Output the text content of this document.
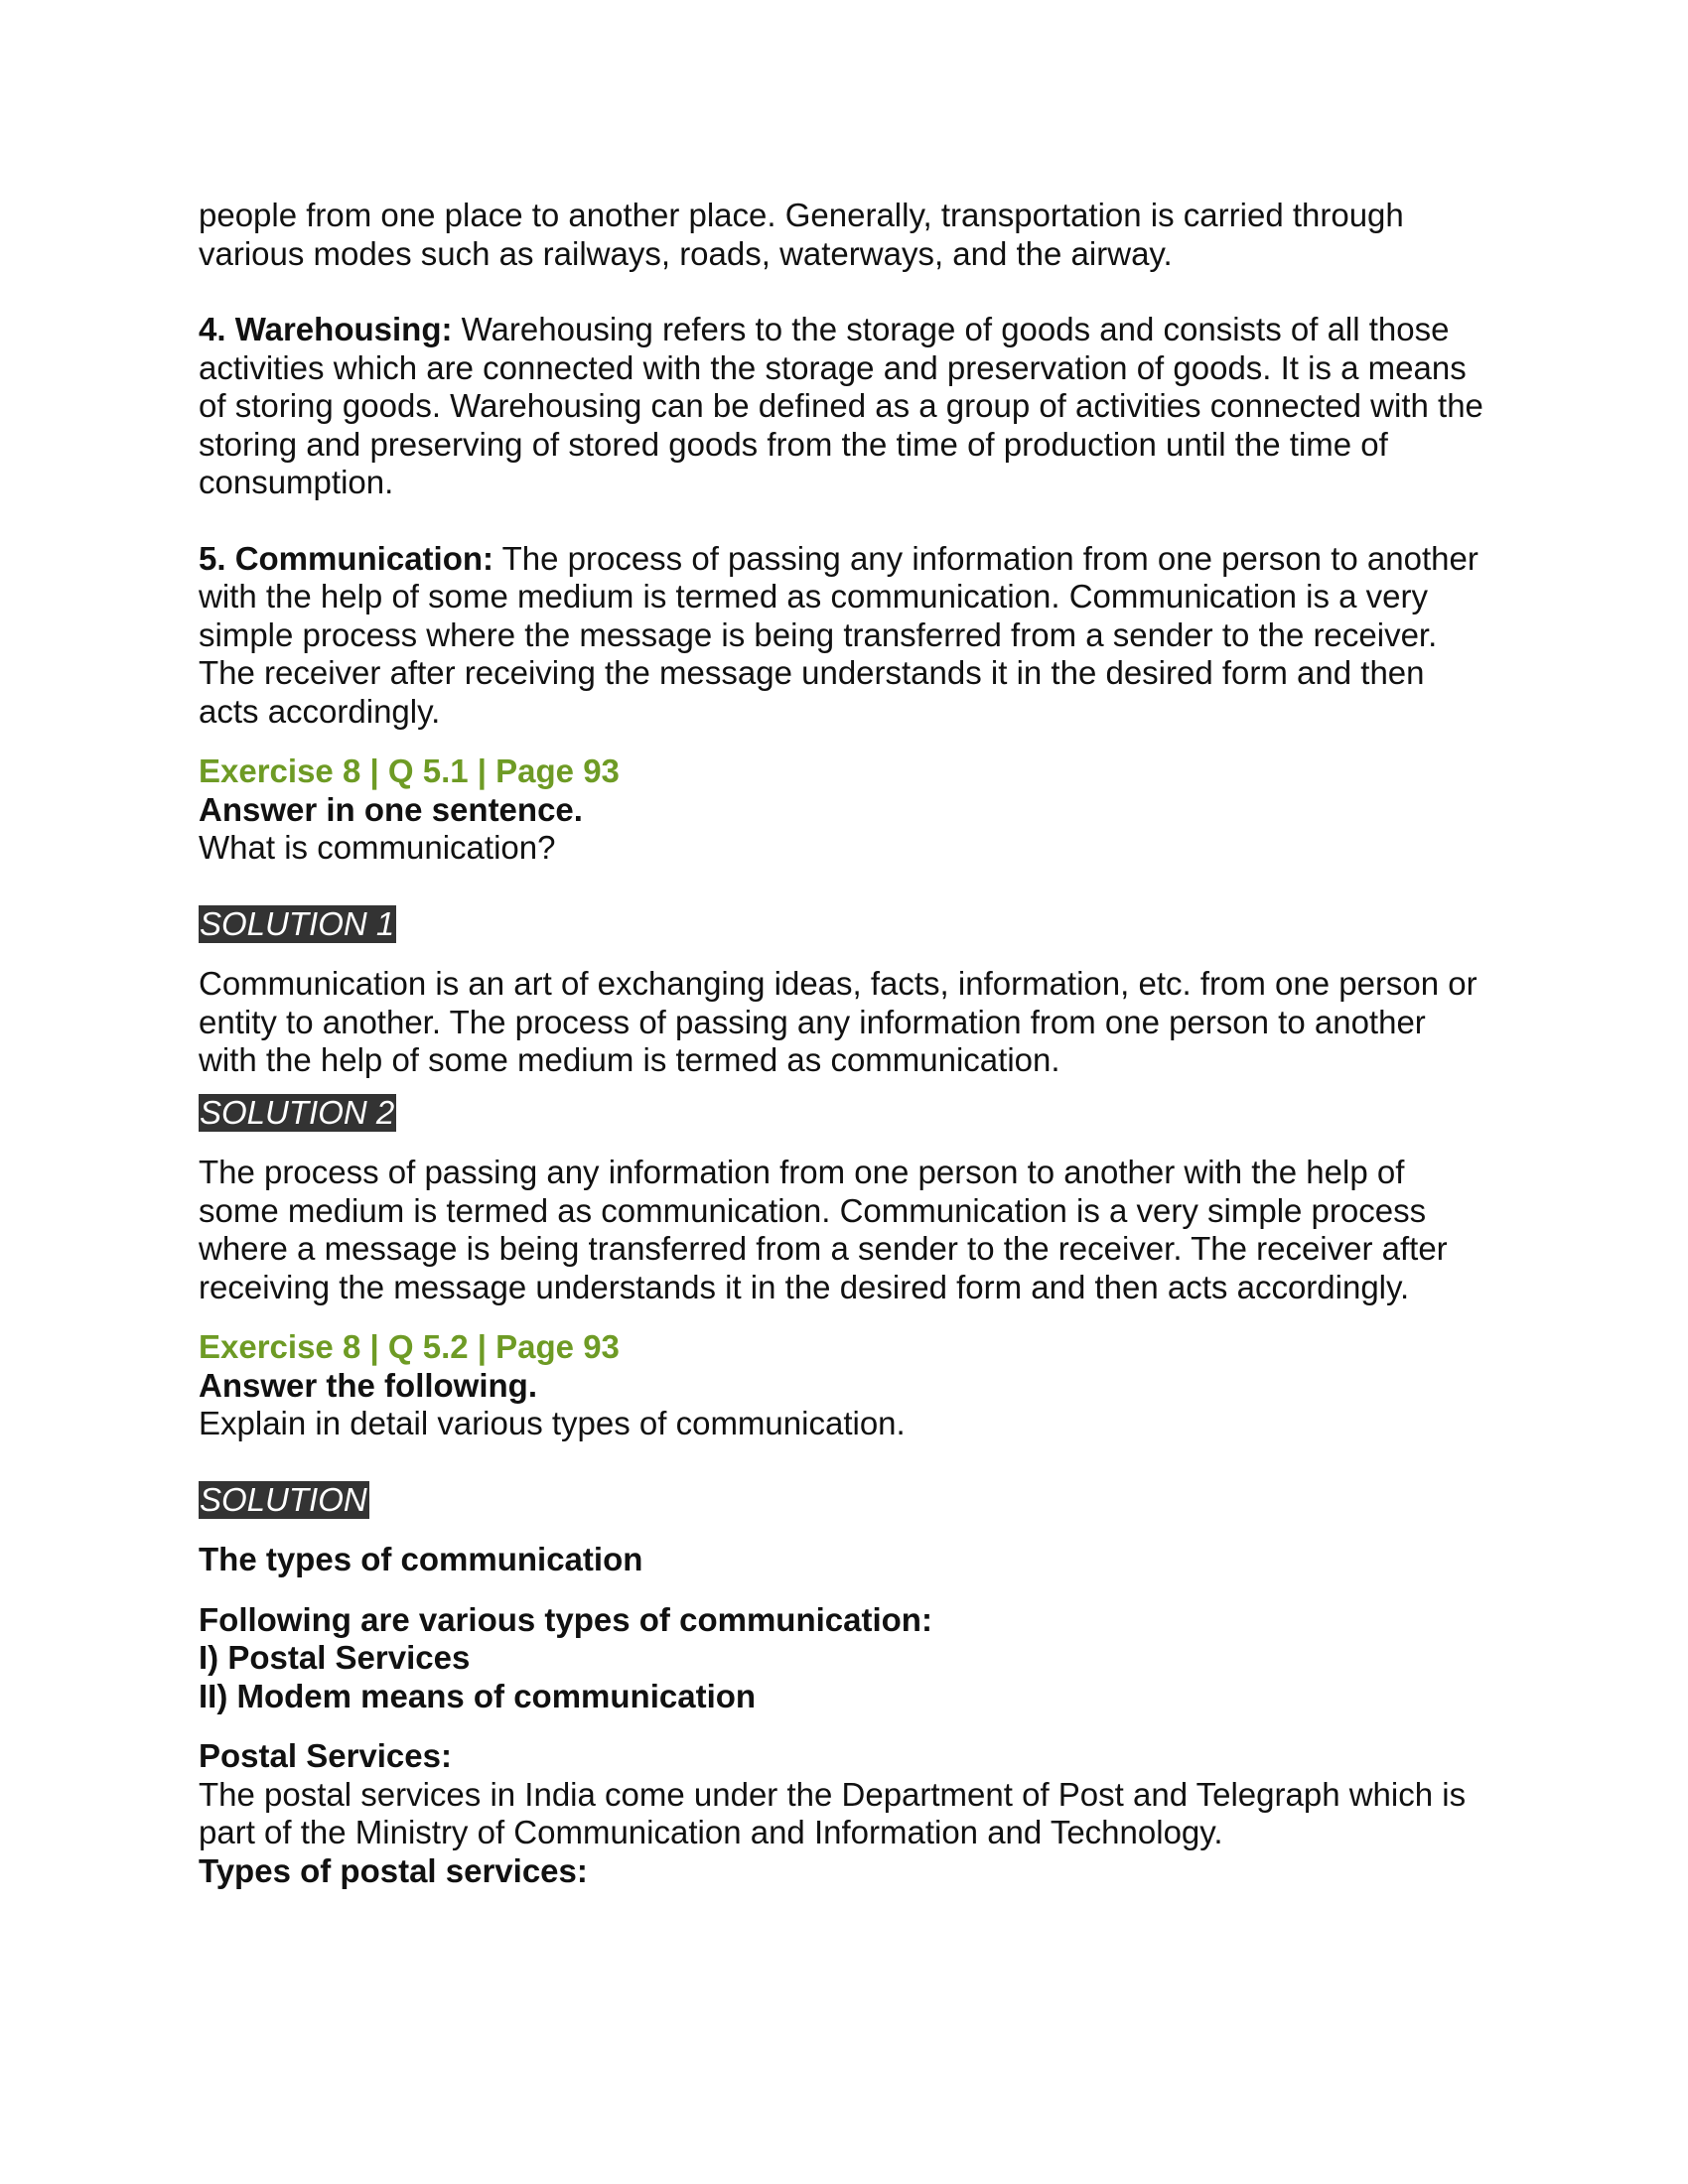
people from one place to another place. Generally, transportation is carried through various modes such as railways, roads, waterways, and the airway.

4. Warehousing: Warehousing refers to the storage of goods and consists of all those activities which are connected with the storage and preservation of goods. It is a means of storing goods. Warehousing can be defined as a group of activities connected with the storing and preserving of stored goods from the time of production until the time of consumption.

5. Communication: The process of passing any information from one person to another with the help of some medium is termed as communication. Communication is a very simple process where the message is being transferred from a sender to the receiver. The receiver after receiving the message understands it in the desired form and then acts accordingly.

Exercise 8 | Q 5.1 | Page 93

Answer in one sentence.

What is communication?

SOLUTION 1

Communication is an art of exchanging ideas, facts, information, etc. from one person or entity to another. The process of passing any information from one person to another with the help of some medium is termed as communication.

SOLUTION 2

The process of passing any information from one person to another with the help of some medium is termed as communication. Communication is a very simple process where a message is being transferred from a sender to the receiver. The receiver after receiving the message understands it in the desired form and then acts accordingly.

Exercise 8 | Q 5.2 | Page 93

Answer the following.

Explain in detail various types of communication.

SOLUTION

The types of communication

Following are various types of communication:

I) Postal Services

II) Modem means of communication

Postal Services:

The postal services in India come under the Department of Post and Telegraph which is part of the Ministry of Communication and Information and Technology.

Types of postal services:
